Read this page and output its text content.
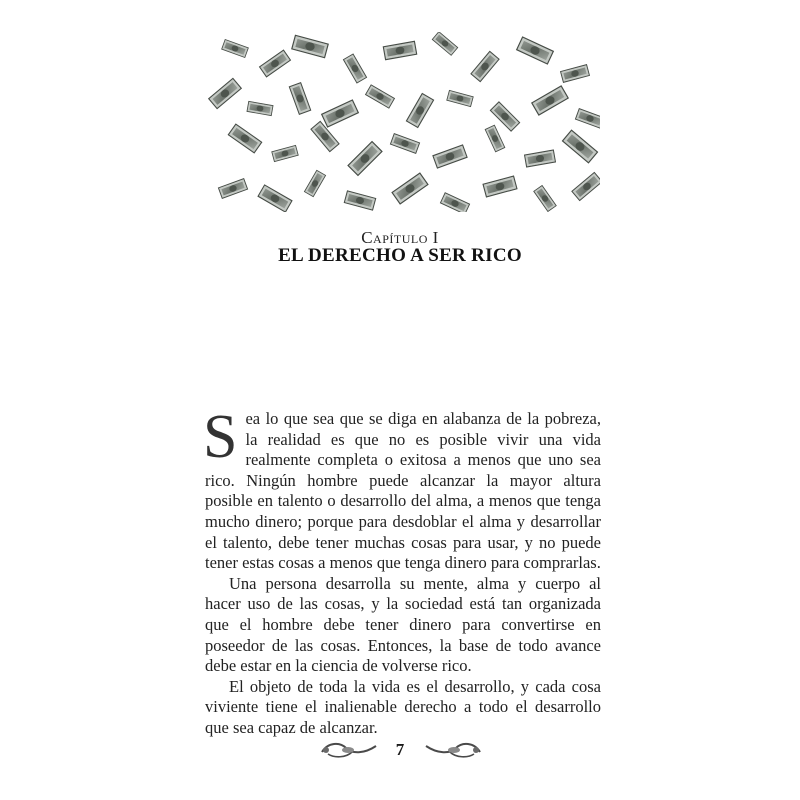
Capítulo I
EL DERECHO A SER RICO

Sea lo que sea que se diga en alabanza de la pobreza, la realidad es que no es posible vivir una vida realmente completa o exitosa a menos que uno sea rico. Ningún hombre puede alcanzar la mayor altura posible en talento o desarrollo del alma, a menos que tenga mucho dinero; porque para desdoblar el alma y desarrollar el talento, debe tener muchas cosas para usar, y no puede tener estas cosas a menos que tenga dinero para comprarlas.

Una persona desarrolla su mente, alma y cuerpo al hacer uso de las cosas, y la sociedad está tan organizada que el hombre debe tener dinero para convertirse en poseedor de las cosas. Entonces, la base de todo avance debe estar en la ciencia de volverse rico.

El objeto de toda la vida es el desarrollo, y cada cosa viviente tiene el inalienable derecho a todo el desarrollo que sea capaz de alcanzar.

7
